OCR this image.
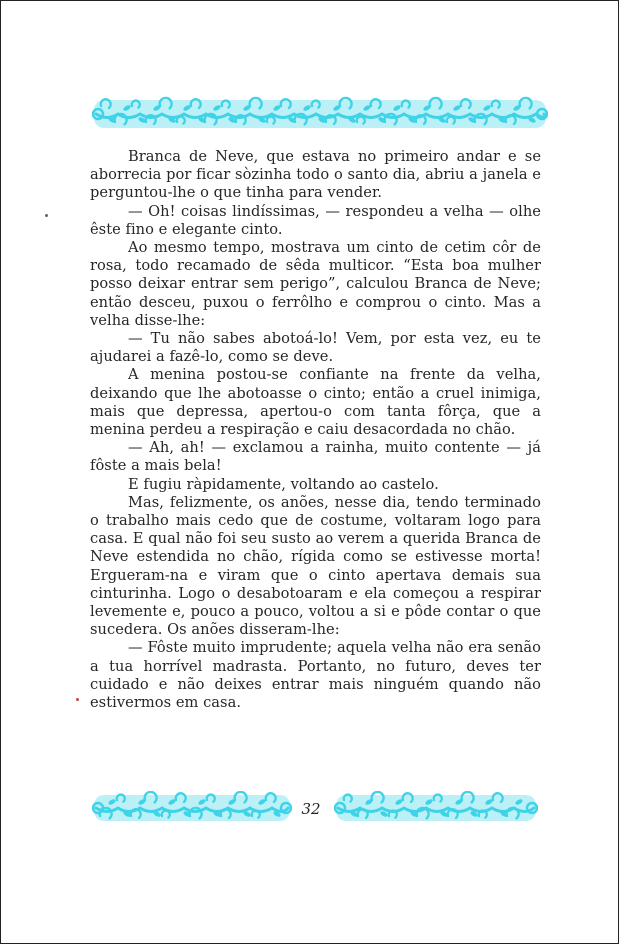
Branca de Neve, que estava no primeiro andar e se aborrecia por ficar sòzinha todo o santo dia, abriu a janela e perguntou-lhe o que tinha para vender.

— Oh! coisas lindíssimas, — respondeu a velha — olhe êste fino e elegante cinto.

Ao mesmo tempo, mostrava um cinto de cetim côr de rosa, todo recamado de sêda multicor. “Esta boa mulher posso deixar entrar sem perigo”, calculou Branca de Neve; então desceu, puxou o ferrôlho e comprou o cinto. Mas a velha disse-lhe:

— Tu não sabes abotoá-lo! Vem, por esta vez, eu te ajudarei a fazê-lo, como se deve.

A menina postou-se confiante na frente da velha, deixando que lhe abotoasse o cinto; então a cruel inimiga, mais que depressa, apertou-o com tanta fôrça, que a menina perdeu a respiração e caiu desacordada no chão.

— Ah, ah! — exclamou a rainha, muito contente — já fôste a mais bela!

E fugiu ràpidamente, voltando ao castelo.

Mas, felizmente, os anões, nesse dia, tendo terminado o trabalho mais cedo que de costume, voltaram logo para casa. E qual não foi seu susto ao verem a querida Branca de Neve estendida no chão, rígida como se estivesse morta! Ergueram-na e viram que o cinto apertava demais sua cinturinha. Logo o desabotoaram e ela começou a respirar levemente e, pouco a pouco, voltou a si e pôde contar o que sucedera. Os anões disseram-lhe:

— Fôste muito imprudente; aquela velha não era senão a tua horrível madrasta. Portanto, no futuro, deves ter cuidado e não deixes entrar mais ninguém quando não estivermos em casa.

32
